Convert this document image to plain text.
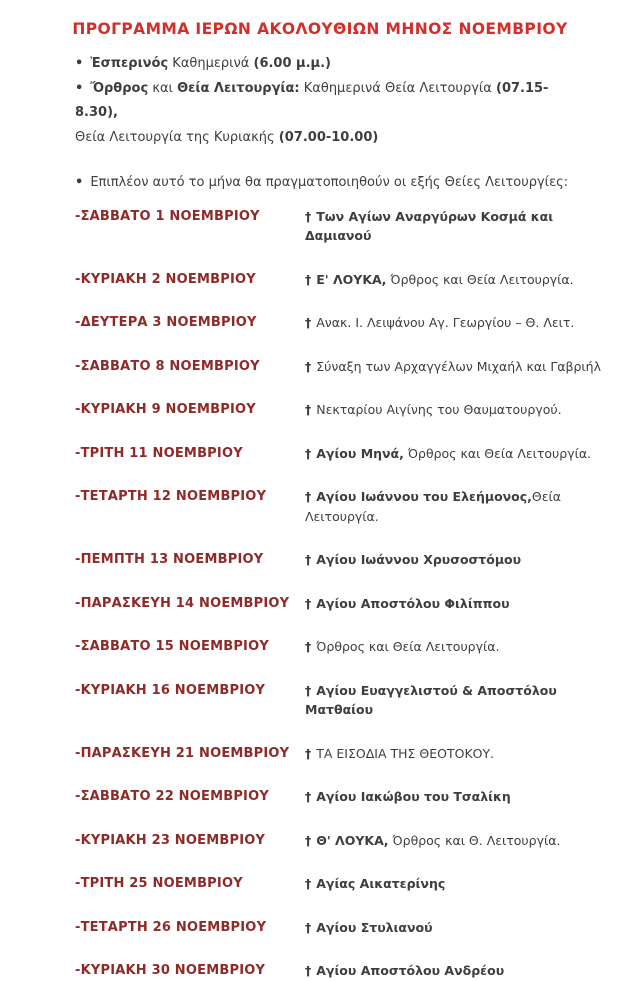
ΠΡΟΓΡΑΜΜΑ ΙΕΡΩΝ ΑΚΟΛΟΥΘΙΩΝ ΜΗΝΟΣ ΝΟΕΜΒΡΙΟΥ
• Ἑσπερινός Καθημερινά (6.00 μ.μ.)
• Ὄρθρος και Θεία Λειτουργία: Καθημερινά Θεία Λειτουργία (07.15-8.30),
Θεία Λειτουργία της Κυριακής (07.00-10.00)
• Επιπλέον αυτό το μήνα θα πραγματοποιηθούν οι εξής Θείες Λειτουργίες:
-ΣΑΒΒΑΤΟ 1 ΝΟΕΜΒΡΙΟΥ	† Των Αγίων Αναργύρων Κοσμά και Δαμιανού
-ΚΥΡΙΑΚΗ 2 ΝΟΕΜΒΡΙΟΥ	† Ε' ΛΟΥΚΑ, Όρθρος και Θεία Λειτουργία.
-ΔΕΥΤΕΡΑ 3 ΝΟΕΜΒΡΙΟΥ	† Ανακ. Ι. Λειψάνου Αγ. Γεωργίου – Θ. Λειτ.
-ΣΑΒΒΑΤΟ 8 ΝΟΕΜΒΡΙΟΥ	† Σύναξη των Αρχαγγέλων Μιχαήλ και Γαβριήλ
-ΚΥΡΙΑΚΗ 9 ΝΟΕΜΒΡΙΟΥ	† Νεκταρίου Αιγίνης του Θαυματουργού.
-ΤΡΙΤΗ 11 ΝΟΕΜΒΡΙΟΥ	† Αγίου Μηνά, Όρθρος και Θεία Λειτουργία.
-ΤΕΤΑΡΤΗ 12 ΝΟΕΜΒΡΙΟΥ	† Αγίου Ιωάννου του Ελεήμονος,Θεία Λειτουργία.
-ΠΕΜΠΤΗ 13 ΝΟΕΜΒΡΙΟΥ	† Αγίου Ιωάννου Χρυσοστόμου
-ΠΑΡΑΣΚΕΥΗ 14 ΝΟΕΜΒΡΙΟΥ	† Αγίου Αποστόλου Φιλίππου
-ΣΑΒΒΑΤΟ 15 ΝΟΕΜΒΡΙΟΥ	† Όρθρος και Θεία Λειτουργία.
-ΚΥΡΙΑΚΗ 16 ΝΟΕΜΒΡΙΟΥ	† Αγίου Ευαγγελιστού & Αποστόλου Ματθαίου
-ΠΑΡΑΣΚΕΥΗ 21 ΝΟΕΜΒΡΙΟΥ	† ΤΑ ΕΙΣΟΔΙΑ ΤΗΣ ΘΕΟΤΟΚΟΥ.
-ΣΑΒΒΑΤΟ 22 ΝΟΕΜΒΡΙΟΥ	† Αγίου Ιακώβου του Τσαλίκη
-ΚΥΡΙΑΚΗ 23 ΝΟΕΜΒΡΙΟΥ	† Θ' ΛΟΥΚΑ, Όρθρος και Θ. Λειτουργία.
-ΤΡΙΤΗ 25 ΝΟΕΜΒΡΙΟΥ	† Αγίας Αικατερίνης
-ΤΕΤΑΡΤΗ 26 ΝΟΕΜΒΡΙΟΥ	† Αγίου Στυλιανού
-ΚΥΡΙΑΚΗ 30 ΝΟΕΜΒΡΙΟΥ	† Αγίου Αποστόλου Ανδρέου
